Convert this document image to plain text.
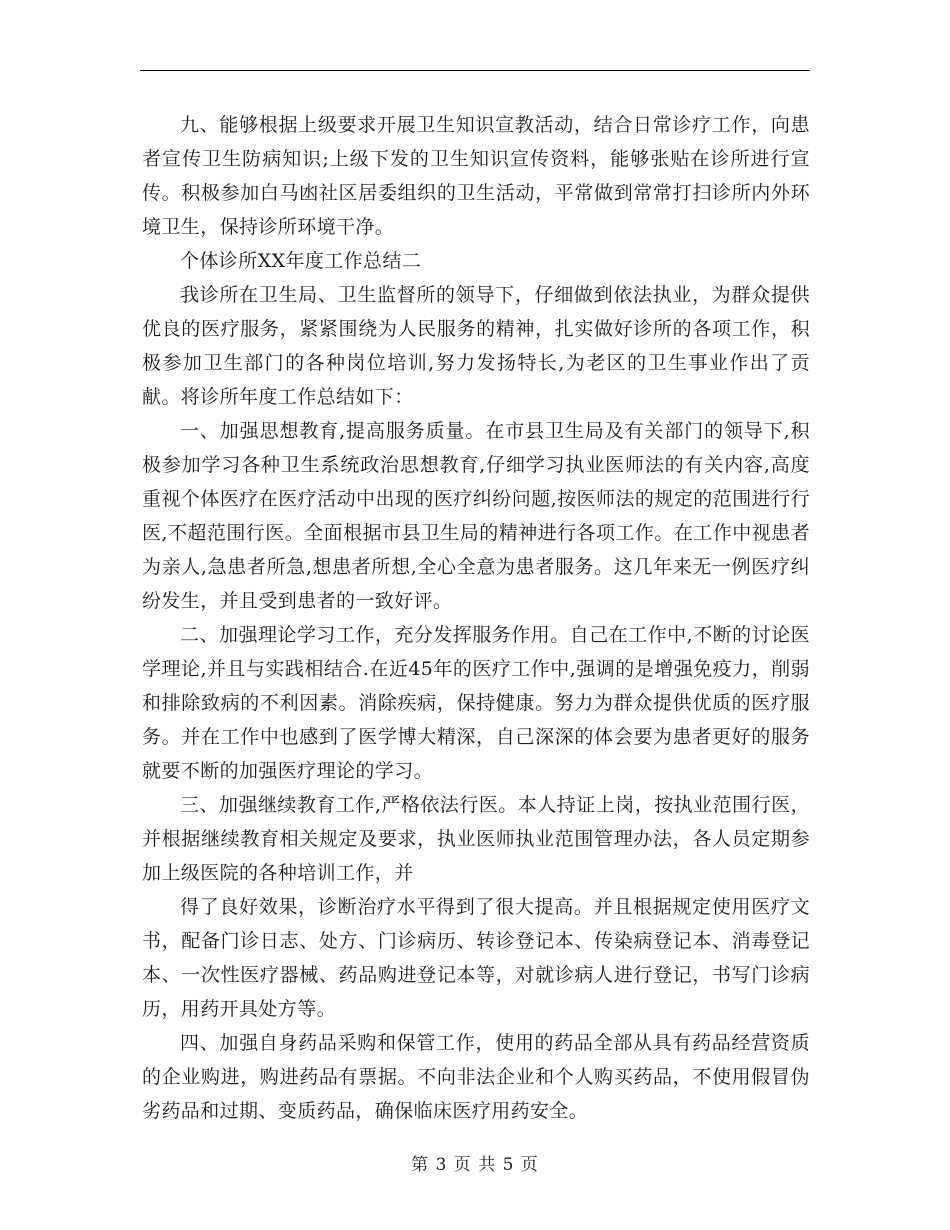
九、能够根据上级要求开展卫生知识宣教活动，结合日常诊疗工作，向患者宣传卫生防病知识;上级下发的卫生知识宣传资料，能够张贴在诊所进行宣传。积极参加白马凼社区居委组织的卫生活动，平常做到常常打扫诊所内外环境卫生，保持诊所环境干净。

个体诊所XX年度工作总结二

我诊所在卫生局、卫生监督所的领导下，仔细做到依法执业，为群众提供优良的医疗服务，紧紧围绕为人民服务的精神，扎实做好诊所的各项工作，积极参加卫生部门的各种岗位培训,努力发扬特长,为老区的卫生事业作出了贡献。将诊所年度工作总结如下：

一、加强思想教育,提高服务质量。在市县卫生局及有关部门的领导下,积极参加学习各种卫生系统政治思想教育,仔细学习执业医师法的有关内容,高度重视个体医疗在医疗活动中出现的医疗纠纷问题,按医师法的规定的范围进行行医,不超范围行医。全面根据市县卫生局的精神进行各项工作。在工作中视患者为亲人,急患者所急,想患者所想,全心全意为患者服务。这几年来无一例医疗纠纷发生，并且受到患者的一致好评。

二、加强理论学习工作，充分发挥服务作用。自己在工作中,不断的讨论医学理论,并且与实践相结合.在近45年的医疗工作中,强调的是增强免疫力，削弱和排除致病的不利因素。消除疾病，保持健康。努力为群众提供优质的医疗服务。并在工作中也感到了医学博大精深，自己深深的体会要为患者更好的服务就要不断的加强医疗理论的学习。

三、加强继续教育工作,严格依法行医。本人持证上岗，按执业范围行医，并根据继续教育相关规定及要求，执业医师执业范围管理办法，各人员定期参加上级医院的各种培训工作，并

得了良好效果，诊断治疗水平得到了很大提高。并且根据规定使用医疗文书，配备门诊日志、处方、门诊病历、转诊登记本、传染病登记本、消毒登记本、一次性医疗器械、药品购进登记本等，对就诊病人进行登记，书写门诊病历，用药开具处方等。

四、加强自身药品采购和保管工作，使用的药品全部从具有药品经营资质的企业购进，购进药品有票据。不向非法企业和个人购买药品，不使用假冒伪劣药品和过期、变质药品，确保临床医疗用药安全。

第 3 页 共 5 页
